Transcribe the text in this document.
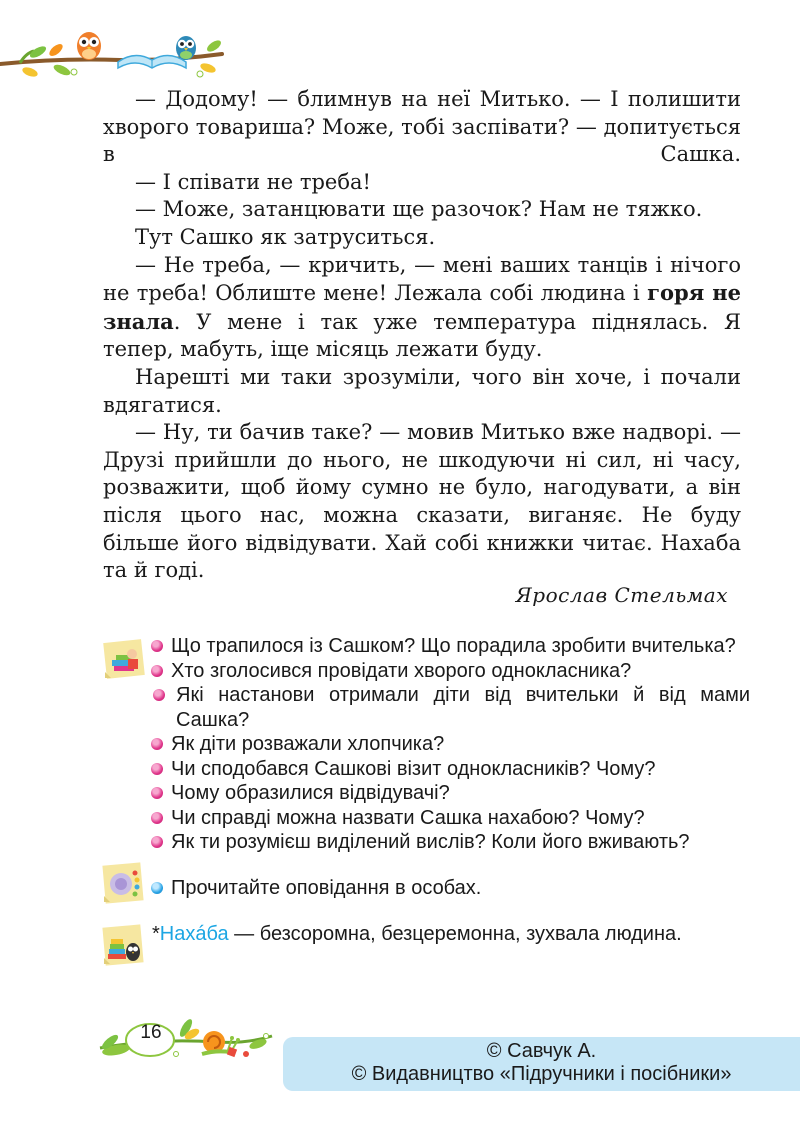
— Додому! — блимнув на неї Митько. — І полишити хворого товариша? Може, тобі заспівати? — допитується в Сашка.

— І співати не треба!

— Може, затанцювати ще разочок? Нам не тяжко.

Тут Сашко як затруситься.

— Не треба, — кричить, — мені ваших танців і нічого не треба! Облиште мене! Лежала собі людина і горя не знала. У мене і так уже температура піднялась. Я тепер, мабуть, іще місяць лежати буду.

Нарешті ми таки зрозуміли, чого він хоче, і почали вдягатися.

— Ну, ти бачив таке? — мовив Митько вже надворі. — Друзі прийшли до нього, не шкодуючи ні сил, ні часу, розважити, щоб йому сумно не було, нагодувати, а він після цього нас, можна сказати, виганяє. Не буду більше його відвідувати. Хай собі книжки читає. Нахаба та й годі.

Ярослав Стельмах
Що трапилося із Сашком? Що порадила зробити вчителька?
Хто зголосився провідати хворого однокласника?
Які настанови отримали діти від вчительки й від мами Сашка?
Як діти розважали хлопчика?
Чи сподобався Сашкові візит однокласників? Чому?
Чому образилися відвідувачі?
Чи справді можна назвати Сашка нахабою? Чому?
Як ти розумієш виділений вислів? Коли його вживають?
Прочитайте оповідання в особах.
*Нахáба — безсоромна, безцеремонна, зухвала людина.
16
© Савчук А.
© Видавництво «Підручники і посібники»
